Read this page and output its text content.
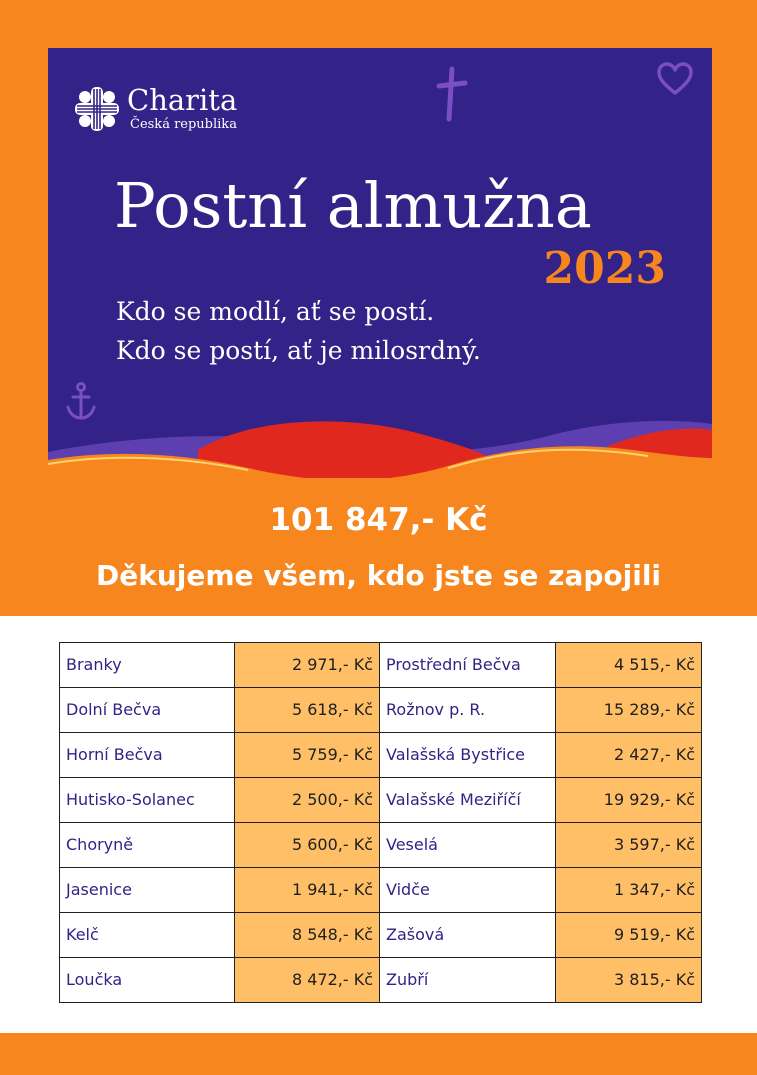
Charita
Česká republika
Postní almužna
2023
Kdo se modlí, ať se postí.
Kdo se postí, ať je milosrdný.
101 847,- Kč
Děkujeme všem, kdo jste se zapojili
Branky	2 971,- Kč	Prostřední Bečva	4 515,- Kč
Dolní Bečva	5 618,- Kč	Rožnov p. R.	15 289,- Kč
Horní Bečva	5 759,- Kč	Valašská Bystřice	2 427,- Kč
Hutisko-Solanec	2 500,- Kč	Valašské Meziříčí	19 929,- Kč
Choryně	5 600,- Kč	Veselá	3 597,- Kč
Jasenice	1 941,- Kč	Vidče	1 347,- Kč
Kelč	8 548,- Kč	Zašová	9 519,- Kč
Loučka	8 472,- Kč	Zubří	3 815,- Kč
